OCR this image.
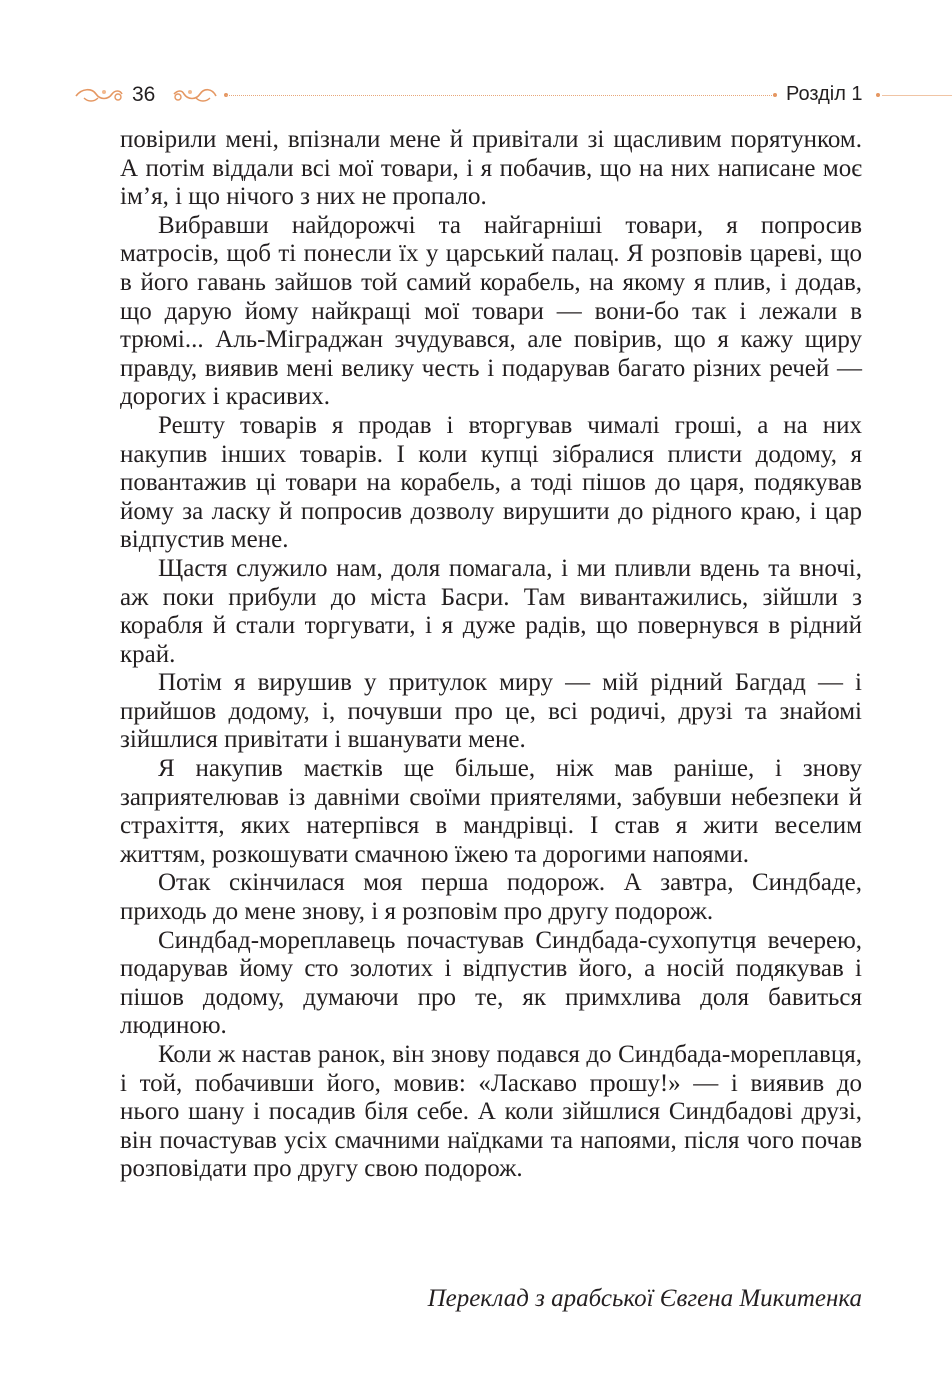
36	Розділ 1

повірили мені, впізнали мене й привітали зі щасливим порятунком. А потім віддали всі мої товари, і я побачив, що на них написане моє ім’я, і що нічого з них не пропало.

Вибравши найдорожчі та найгарніші товари, я попросив матросів, щоб ті понесли їх у царський палац. Я розповів цареві, що в його гавань зайшов той самий корабель, на якому я плив, і додав, що дарую йому найкращі мої товари — вони-бо так і лежали в трюмі... Аль-Міграджан зчудувався, але повірив, що я кажу щиру правду, виявив мені велику честь і подарував багато різних речей — дорогих і красивих.

Решту товарів я продав і вторгував чималі гроші, а на них накупив інших товарів. І коли купці зібралися плисти додому, я повантажив ці товари на корабель, а тоді пішов до царя, подякував йому за ласку й попросив дозволу вирушити до рідного краю, і цар відпустив мене.

Щастя служило нам, доля помагала, і ми пливли вдень та вночі, аж поки прибули до міста Басри. Там вивантажились, зійшли з корабля й стали торгувати, і я дуже радів, що повернувся в рідний край.

Потім я вирушив у притулок миру — мій рідний Багдад — і прийшов додому, і, почувши про це, всі родичі, друзі та знайомі зійшлися привітати і вшанувати мене.

Я накупив маєтків ще більше, ніж мав раніше, і знову заприятелював із давніми своїми приятелями, забувши небезпеки й страхіття, яких натерпівся в мандрівці. І став я жити веселим життям, розкошувати смачною їжею та дорогими напоями.

Отак скінчилася моя перша подорож. А завтра, Синдбаде, приходь до мене знову, і я розповім про другу подорож.

Синдбад-мореплавець почастував Синдбада-сухопутця вечерею, подарував йому сто золотих і відпустив його, а носій подякував і пішов додому, думаючи про те, як примхлива доля бавиться людиною.

Коли ж настав ранок, він знову подався до Синдбада-мореплавця, і той, побачивши його, мовив: «Ласкаво прошу!» — і виявив до нього шану і посадив біля себе. А коли зійшлися Синдбадові друзі, він почастував усіх смачними наїдками та напоями, після чого почав розповідати про другу свою подорож.

Переклад з арабської Євгена Микитенка
